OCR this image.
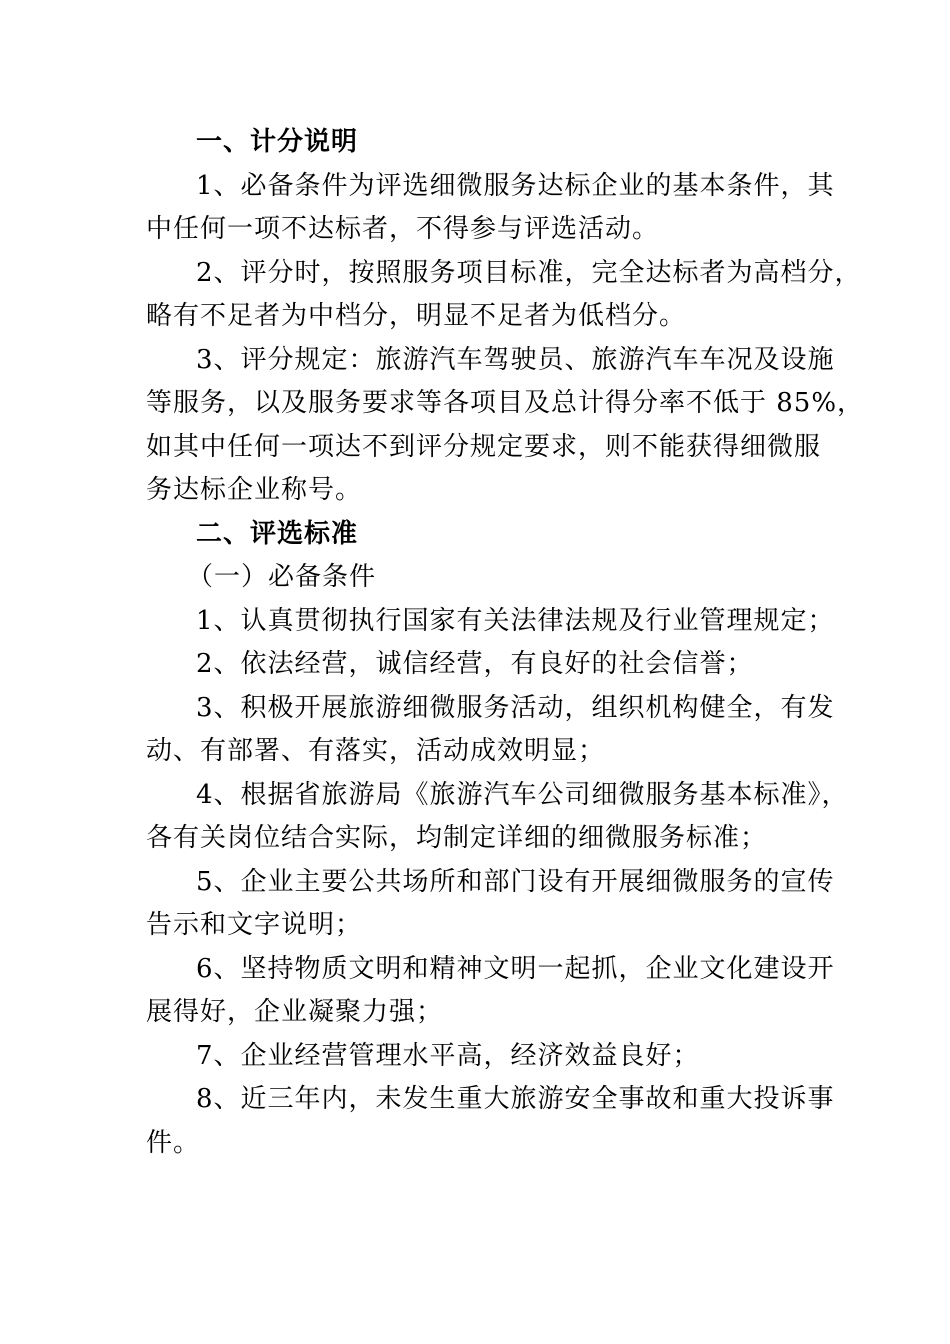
一、计分说明
1、必备条件为评选细微服务达标企业的基本条件，其
中任何一项不达标者，不得参与评选活动。
2、评分时，按照服务项目标准，完全达标者为高档分，
略有不足者为中档分，明显不足者为低档分。
3、评分规定：旅游汽车驾驶员、旅游汽车车况及设施
等服务，以及服务要求等各项目及总计得分率不低于 85%，
如其中任何一项达不到评分规定要求，则不能获得细微服
务达标企业称号。
二、评选标准
（一）必备条件
1、认真贯彻执行国家有关法律法规及行业管理规定；
2、依法经营，诚信经营，有良好的社会信誉；
3、积极开展旅游细微服务活动，组织机构健全，有发
动、有部署、有落实，活动成效明显；
4、根据省旅游局《旅游汽车公司细微服务基本标准》，
各有关岗位结合实际，均制定详细的细微服务标准；
5、企业主要公共场所和部门设有开展细微服务的宣传
告示和文字说明；
6、坚持物质文明和精神文明一起抓，企业文化建设开
展得好，企业凝聚力强；
7、企业经营管理水平高，经济效益良好；
8、近三年内，未发生重大旅游安全事故和重大投诉事
件。
